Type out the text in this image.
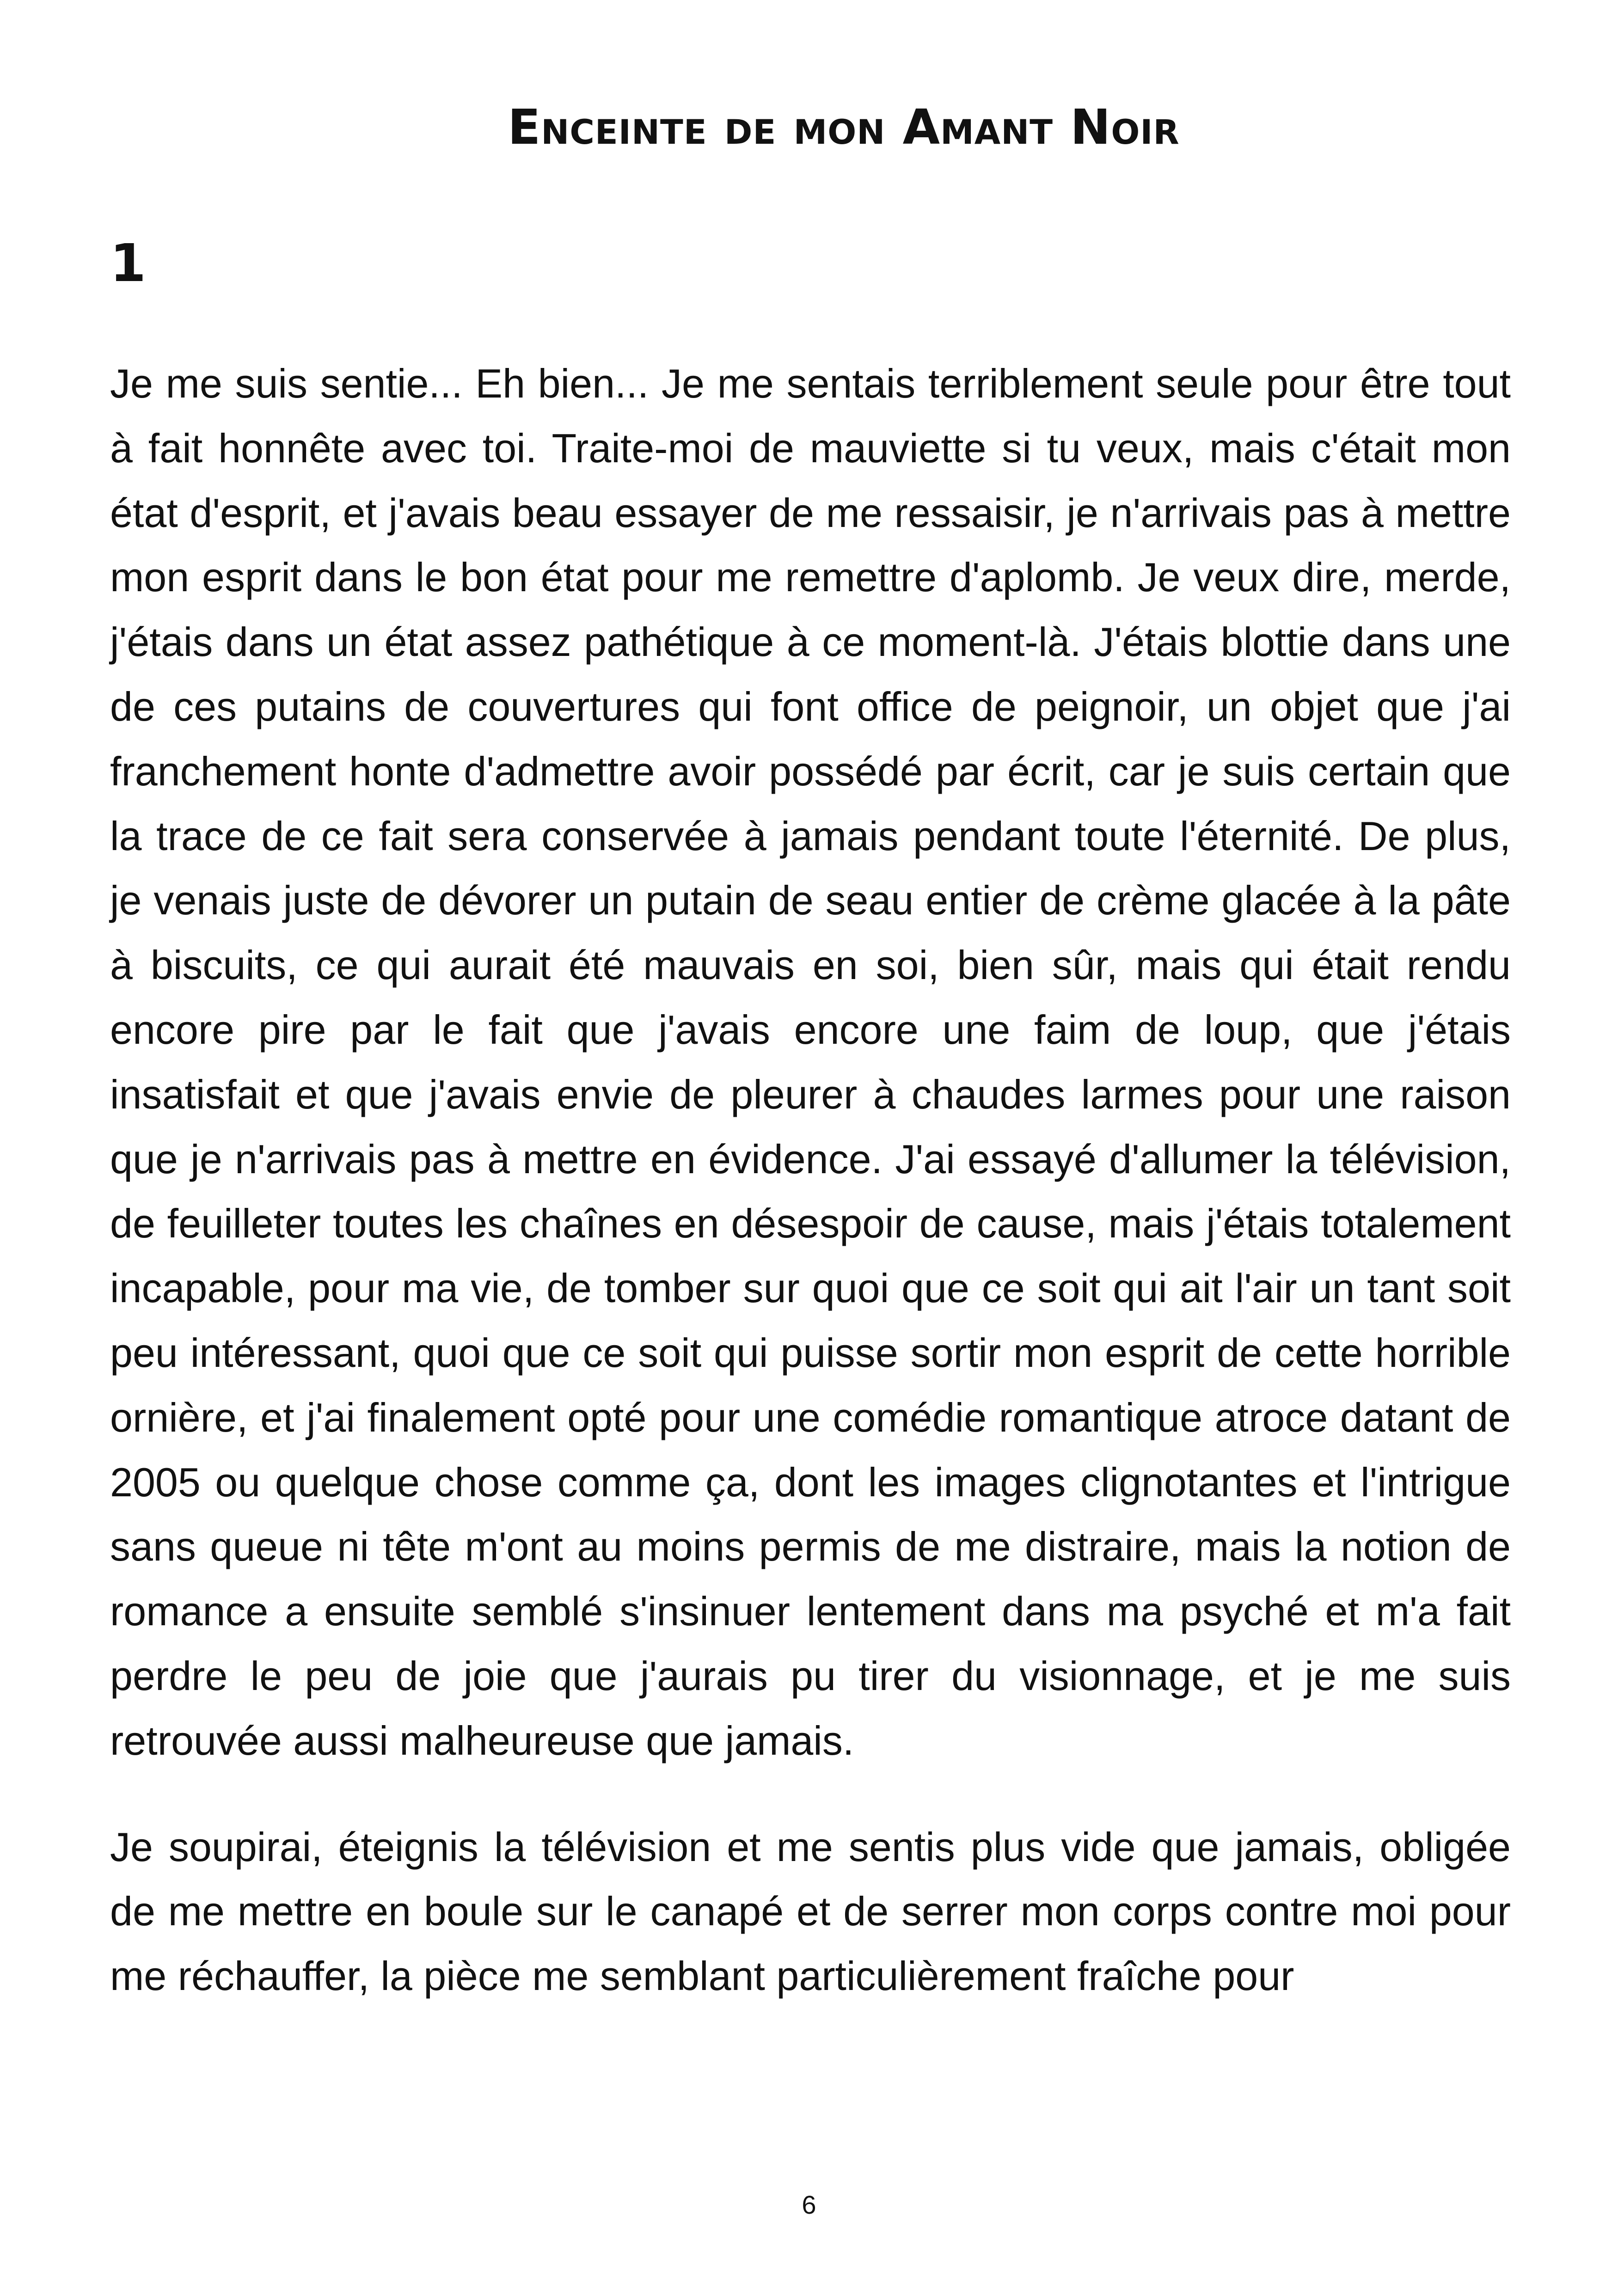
Enceinte de mon Amant Noir
1

Je me suis sentie... Eh bien... Je me sentais terriblement seule pour être tout à fait honnête avec toi. Traite-moi de mauviette si tu veux, mais c'était mon état d'esprit, et j'avais beau essayer de me ressaisir, je n'arrivais pas à mettre mon esprit dans le bon état pour me remettre d'aplomb. Je veux dire, merde, j'étais dans un état assez pathétique à ce moment-là. J'étais blottie dans une de ces putains de couvertures qui font office de peignoir, un objet que j'ai franchement honte d'admettre avoir possédé par écrit, car je suis certain que la trace de ce fait sera conservée à jamais pendant toute l'éternité. De plus, je venais juste de dévorer un putain de seau entier de crème glacée à la pâte à biscuits, ce qui aurait été mauvais en soi, bien sûr, mais qui était rendu encore pire par le fait que j'avais encore une faim de loup, que j'étais insatisfait et que j'avais envie de pleurer à chaudes larmes pour une raison que je n'arrivais pas à mettre en évidence. J'ai essayé d'allumer la télévision, de feuilleter toutes les chaînes en désespoir de cause, mais j'étais totalement incapable, pour ma vie, de tomber sur quoi que ce soit qui ait l'air un tant soit peu intéressant, quoi que ce soit qui puisse sortir mon esprit de cette horrible ornière, et j'ai finalement opté pour une comédie romantique atroce datant de 2005 ou quelque chose comme ça, dont les images clignotantes et l'intrigue sans queue ni tête m'ont au moins permis de me distraire, mais la notion de romance a ensuite semblé s'insinuer lentement dans ma psyché et m'a fait perdre le peu de joie que j'aurais pu tirer du visionnage, et je me suis retrouvée aussi malheureuse que jamais.

Je soupirai, éteignis la télévision et me sentis plus vide que jamais, obligée de me mettre en boule sur le canapé et de serrer mon corps contre moi pour me réchauffer, la pièce me semblant particulièrement fraîche pour

6
